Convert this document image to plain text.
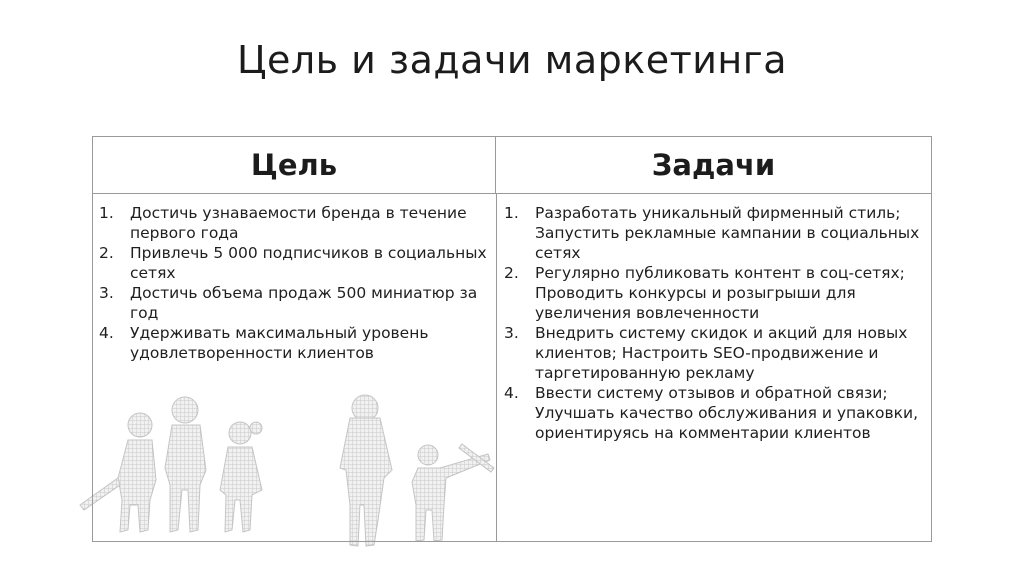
Цель и задачи маркетинга
Цель	Задачи
1. Достичь узнаваемости бренда в течение первого года
2. Привлечь 5 000 подписчиков в социальных сетях
3. Достичь объема продаж 500 миниатюр за год
4. Удерживать максимальный уровень удовлетворенности клиентов
1. Разработать уникальный фирменный стиль; Запустить рекламные кампании в социальных сетях
2. Регулярно публиковать контент в соц-сетях; Проводить конкурсы и розыгрыши для увеличения вовлеченности
3. Внедрить систему скидок и акций для новых клиентов; Настроить SEO-продвижение и таргетированную рекламу
4. Ввести систему отзывов и обратной связи; Улучшать качество обслуживания и упаковки, ориентируясь на комментарии клиентов
